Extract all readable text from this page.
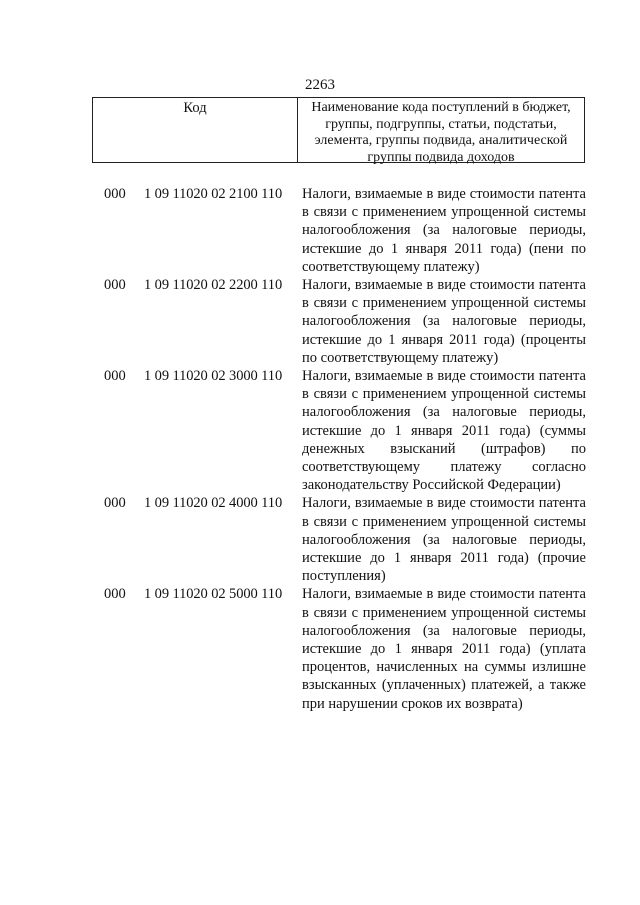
2263
Код	Наименование кода поступлений в бюджет,
группы, подгруппы, статьи, подстатьи,
элемента, группы подвида, аналитической
группы подвида доходов
000 1 09 11020 02 2100 110 Налоги, взимаемые в виде стоимости патента
в связи с применением упрощенной системы
налогообложения (за налоговые периоды,
истекшие до 1 января 2011 года) (пени по
соответствующему платежу)
000 1 09 11020 02 2200 110 Налоги, взимаемые в виде стоимости патента
в связи с применением упрощенной системы
налогообложения (за налоговые периоды,
истекшие до 1 января 2011 года) (проценты
по соответствующему платежу)
000 1 09 11020 02 3000 110 Налоги, взимаемые в виде стоимости патента
в связи с применением упрощенной системы
налогообложения (за налоговые периоды,
истекшие до 1 января 2011 года) (суммы
денежных взысканий (штрафов) по
соответствующему платежу согласно
законодательству Российской Федерации)
000 1 09 11020 02 4000 110 Налоги, взимаемые в виде стоимости патента
в связи с применением упрощенной системы
налогообложения (за налоговые периоды,
истекшие до 1 января 2011 года) (прочие
поступления)
000 1 09 11020 02 5000 110 Налоги, взимаемые в виде стоимости патента
в связи с применением упрощенной системы
налогообложения (за налоговые периоды,
истекшие до 1 января 2011 года) (уплата
процентов, начисленных на суммы излишне
взысканных (уплаченных) платежей, а также
при нарушении сроков их возврата)
